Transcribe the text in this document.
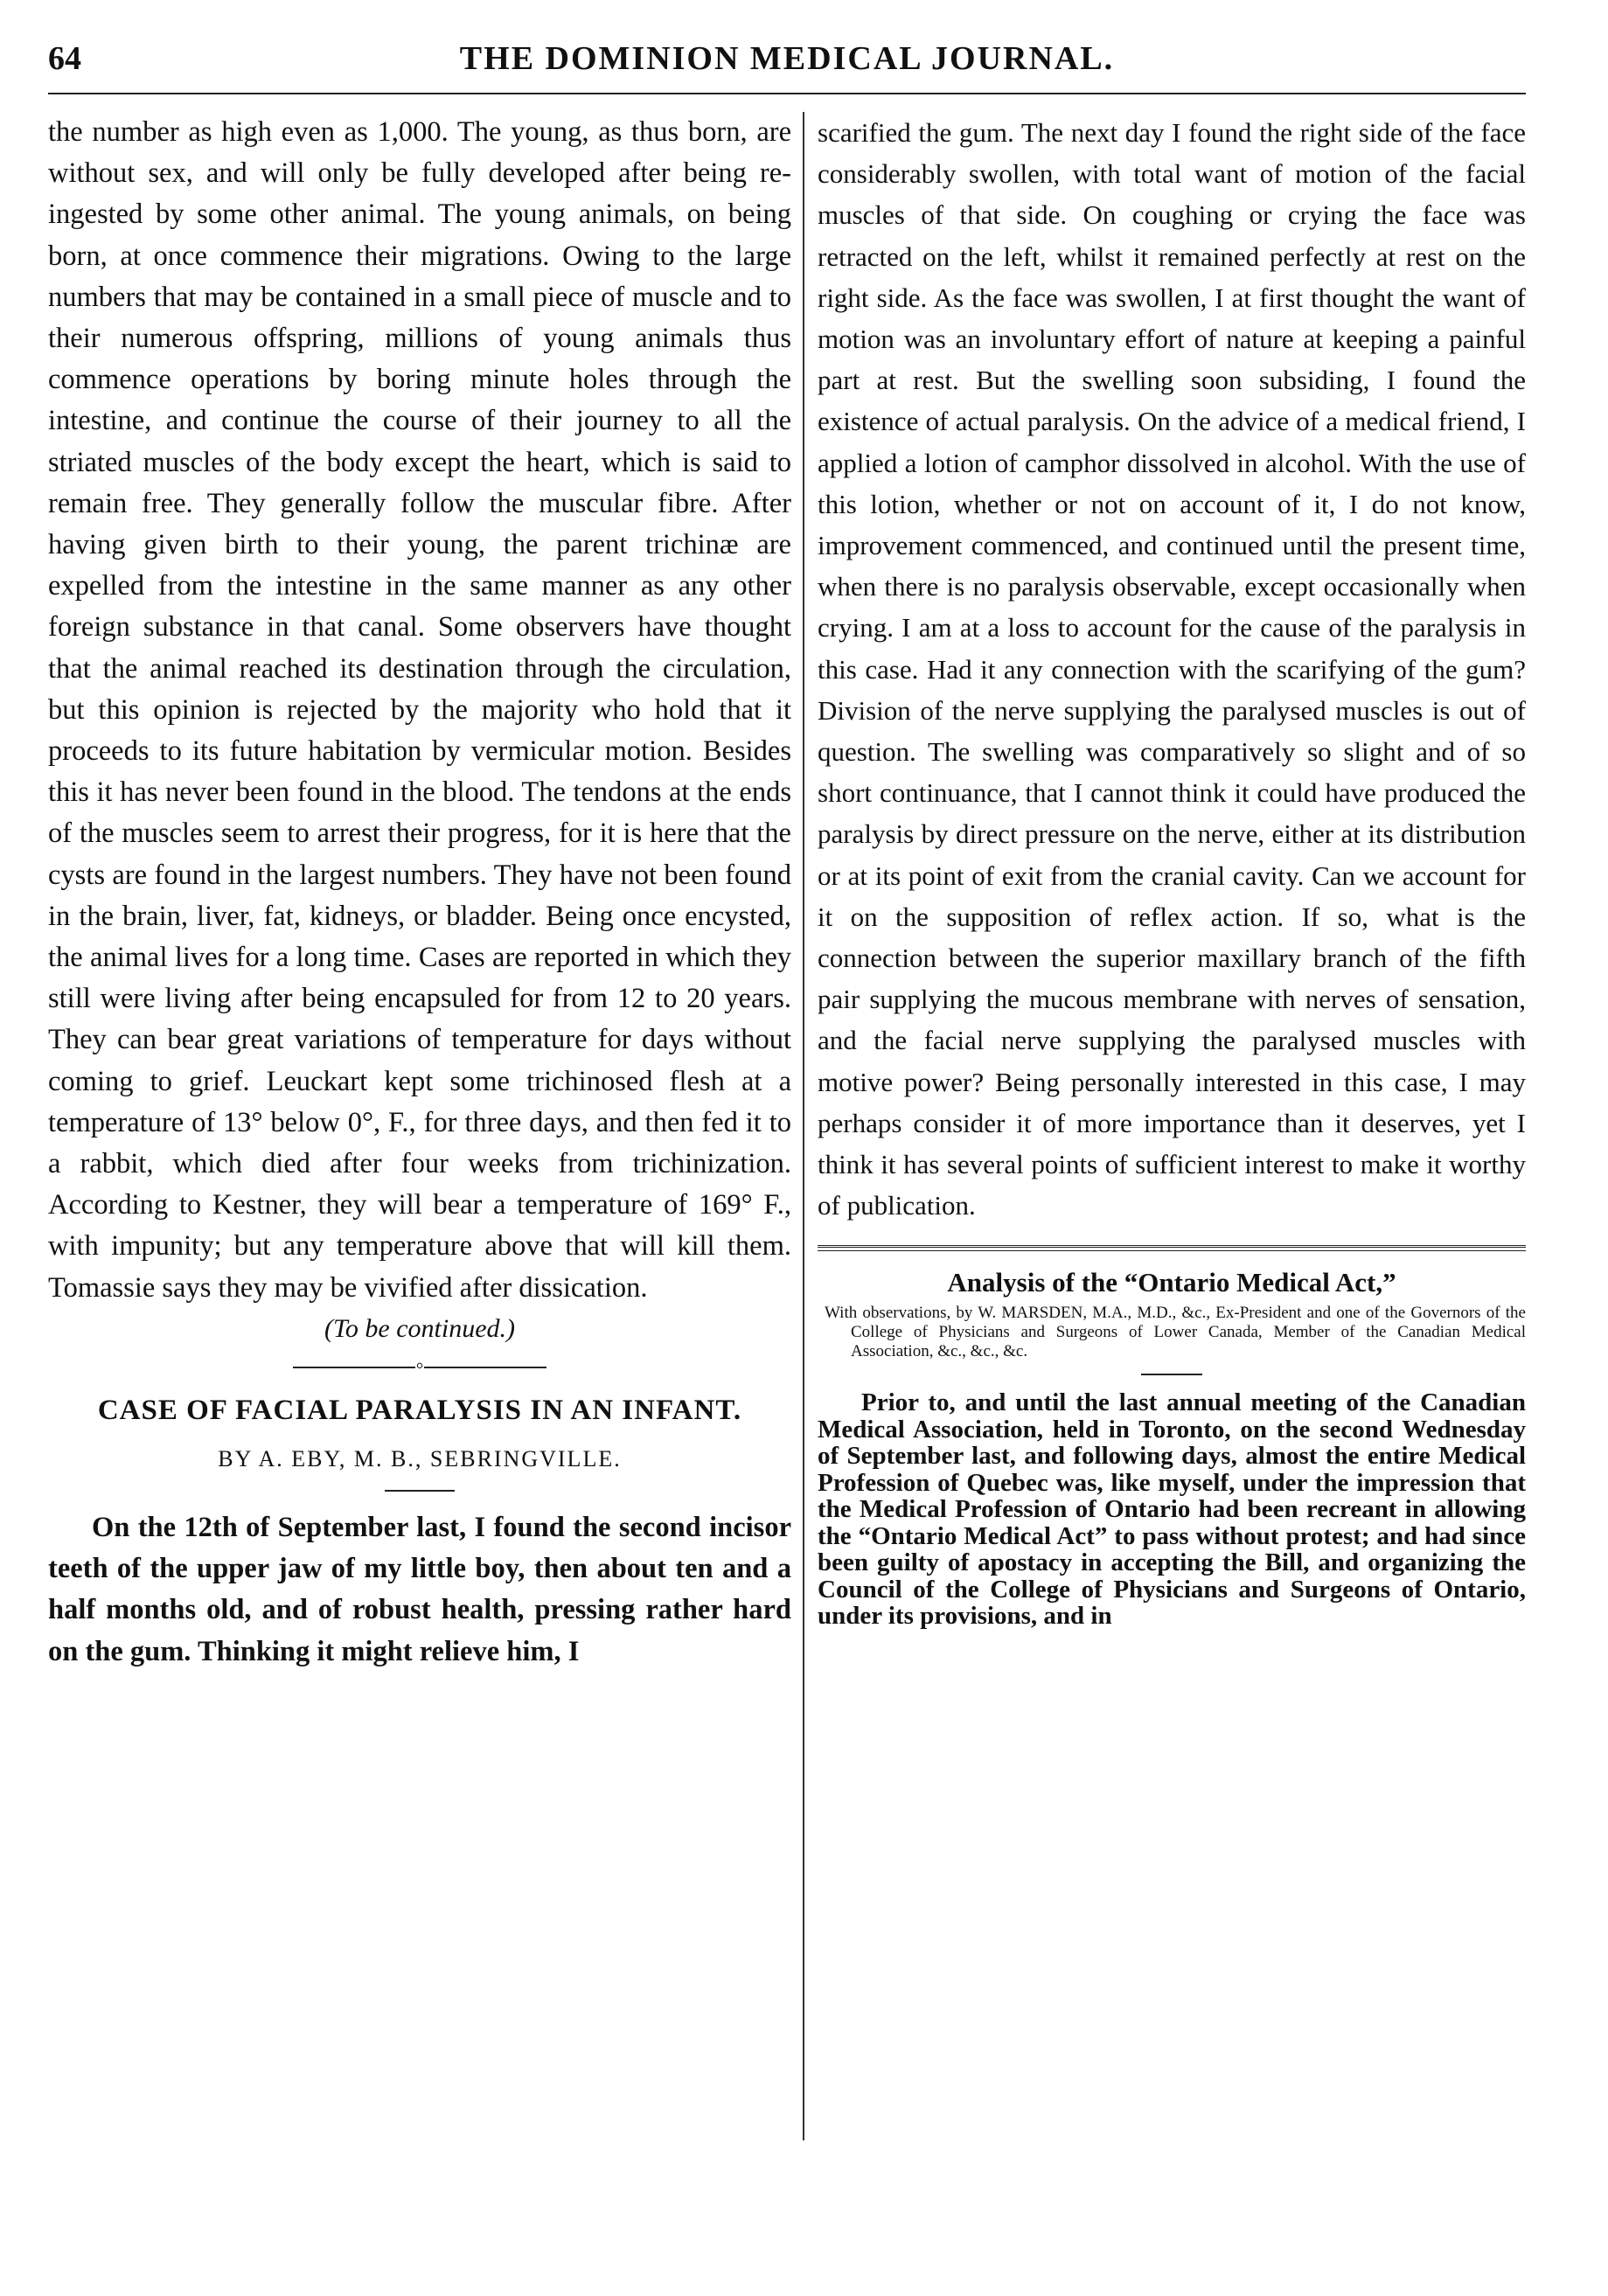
64	THE DOMINION MEDICAL JOURNAL.

the number as high even as 1,000. The young, as thus born, are without sex, and will only be fully developed after being re-ingested by some other animal. The young animals, on being born, at once commence their migrations. Owing to the large numbers that may be contained in a small piece of muscle and to their numerous offspring, millions of young animals thus commence operations by boring minute holes through the intestine, and continue the course of their journey to all the striated muscles of the body except the heart, which is said to remain free. They generally follow the muscular fibre. After having given birth to their young, the parent trichinæ are expelled from the intestine in the same manner as any other foreign substance in that canal. Some observers have thought that the animal reached its destination through the circulation, but this opinion is rejected by the majority who hold that it proceeds to its future habitation by vermicular motion. Besides this it has never been found in the blood. The tendons at the ends of the muscles seem to arrest their progress, for it is here that the cysts are found in the largest numbers. They have not been found in the brain, liver, fat, kidneys, or bladder. Being once encysted, the animal lives for a long time. Cases are reported in which they still were living after being encapsuled for from 12 to 20 years. They can bear great variations of temperature for days without coming to grief. Leuckart kept some trichinosed flesh at a temperature of 13° below 0°, F., for three days, and then fed it to a rabbit, which died after four weeks from trichinization. According to Kestner, they will bear a temperature of 169° F., with impunity; but any temperature above that will kill them. Tomassie says they may be vivified after dissication.

(To be continued.)

◦
CASE OF FACIAL PARALYSIS IN AN INFANT.
BY A. EBY, M. B., SEBRINGVILLE.

On the 12th of September last, I found the second incisor teeth of the upper jaw of my little boy, then about ten and a half months old, and of robust health, pressing rather hard on the gum. Thinking it might relieve him, I

scarified the gum. The next day I found the right side of the face considerably swollen, with total want of motion of the facial muscles of that side. On coughing or crying the face was retracted on the left, whilst it remained perfectly at rest on the right side. As the face was swollen, I at first thought the want of motion was an involuntary effort of nature at keeping a painful part at rest. But the swelling soon subsiding, I found the existence of actual paralysis. On the advice of a medical friend, I applied a lotion of camphor dissolved in alcohol. With the use of this lotion, whether or not on account of it, I do not know, improvement commenced, and continued until the present time, when there is no paralysis observable, except occasionally when crying. I am at a loss to account for the cause of the paralysis in this case. Had it any connection with the scarifying of the gum? Division of the nerve supplying the paralysed muscles is out of question. The swelling was comparatively so slight and of so short continuance, that I cannot think it could have produced the paralysis by direct pressure on the nerve, either at its distribution or at its point of exit from the cranial cavity. Can we account for it on the supposition of reflex action. If so, what is the connection between the superior maxillary branch of the fifth pair supplying the mucous membrane with nerves of sensation, and the facial nerve supplying the paralysed muscles with motive power? Being personally interested in this case, I may perhaps consider it of more importance than it deserves, yet I think it has several points of sufficient interest to make it worthy of publication.

Analysis of the “Ontario Medical Act,”

With observations, by W. MARSDEN, M.A., M.D., &c., Ex-President and one of the Governors of the College of Physicians and Surgeons of Lower Canada, Member of the Canadian Medical Association, &c., &c., &c.

Prior to, and until the last annual meeting of the Canadian Medical Association, held in Toronto, on the second Wednesday of September last, and following days, almost the entire Medical Profession of Quebec was, like myself, under the impression that the Medical Profession of Ontario had been recreant in allowing the “Ontario Medical Act” to pass without protest; and had since been guilty of apostacy in accepting the Bill, and organizing the Council of the College of Physicians and Surgeons of Ontario, under its provisions, and in
